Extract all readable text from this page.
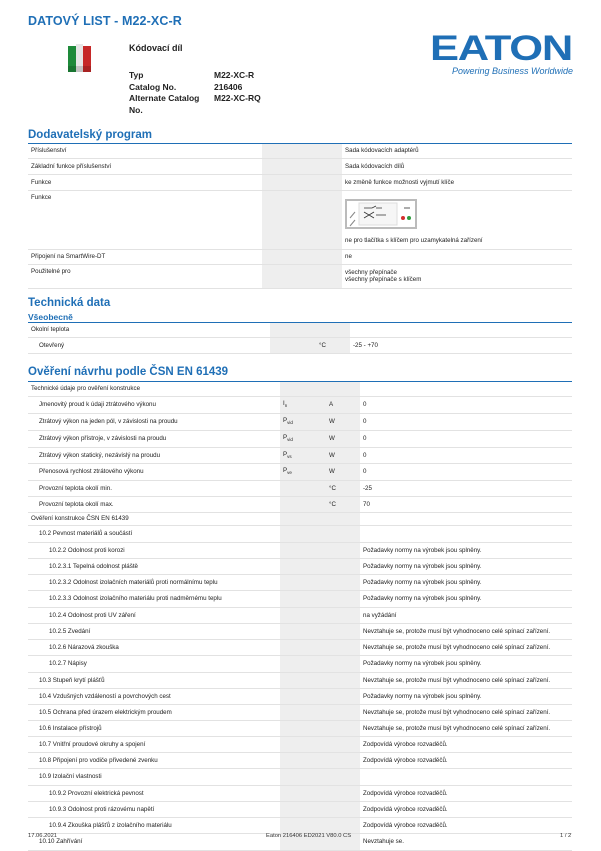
DATOVÝ LIST - M22-XC-R
Kódovací díl
Typ	M22-XC-R
Catalog No.	216406
Alternate Catalog No.
M22-XC-RQ
EATON
Powering Business Worldwide
Dodavatelský program
Příslušenství			Sada kódovacích adaptérů
Základní funkce příslušenství			Sada kódovacích dílů
Funkce			ke změně funkce možnosti vyjmutí klíče
Funkce			ne pro tlačítka s klíčem pro uzamykatelná zařízení

Připojení na SmartWire-DT			ne
Použitelné pro			všechny přepínače
všechny přepínače s klíčem
Technická data
Všeobecně
Okolní teplota			
Otevřený		°C	-25 - +70
Ověření návrhu podle ČSN EN 61439
Technické údaje pro ověření konstrukce			
Jmenovitý proud k údaji ztrátového výkonu	$I_n$	A	0
Ztrátový výkon na jeden pól, v závislosti na proudu	$P_{vid}$	W	0
Ztrátový výkon přístroje, v závislosti na proudu	$P_{vid}$	W	0
Ztrátový výkon statický, nezávislý na proudu	$P_{vs}$	W	0
Přenosová rychlost ztrátového výkonu	$P_{ve}$	W	0
Provozní teplota okolí min.		°C	-25
Provozní teplota okolí max.		°C	70
Ověření konstrukce ČSN EN 61439			
10.2 Pevnost materiálů a součástí			
10.2.2 Odolnost proti korozi			Požadavky normy na výrobek jsou splněny.
10.2.3.1 Tepelná odolnost pláště			Požadavky normy na výrobek jsou splněny.
10.2.3.2 Odolnost izolačních materiálů proti normálnímu teplu			Požadavky normy na výrobek jsou splněny.
10.2.3.3 Odolnost izolačního materiálu proti nadměrnému teplu			Požadavky normy na výrobek jsou splněny.
10.2.4 Odolnost proti UV záření			na vyžádání
10.2.5 Zvedání			Nevztahuje se, protože musí být vyhodnoceno celé spínací zařízení.
10.2.6 Nárazová zkouška			Nevztahuje se, protože musí být vyhodnoceno celé spínací zařízení.
10.2.7 Nápisy			Požadavky normy na výrobek jsou splněny.
10.3 Stupeň krytí plášťů			Nevztahuje se, protože musí být vyhodnoceno celé spínací zařízení.
10.4 Vzdušných vzdáleností a povrchových cest			Požadavky normy na výrobek jsou splněny.
10.5 Ochrana před úrazem elektrickým proudem			Nevztahuje se, protože musí být vyhodnoceno celé spínací zařízení.
10.6 Instalace přístrojů			Nevztahuje se, protože musí být vyhodnoceno celé spínací zařízení.
10.7 Vnitřní proudové okruhy a spojení			Zodpovídá výrobce rozvaděčů.
10.8 Připojení pro vodiče přivedené zvenku			Zodpovídá výrobce rozvaděčů.
10.9 Izolační vlastnosti			
10.9.2 Provozní elektrická pevnost			Zodpovídá výrobce rozvaděčů.
10.9.3 Odolnost proti rázovému napětí			Zodpovídá výrobce rozvaděčů.
10.9.4 Zkouška plášťů z izolačního materiálu			Zodpovídá výrobce rozvaděčů.
10.10 Zahřívání			Nevztahuje se.
17.06.2021	Eaton 216406 ED2021 V80.0 CS	1 / 2
